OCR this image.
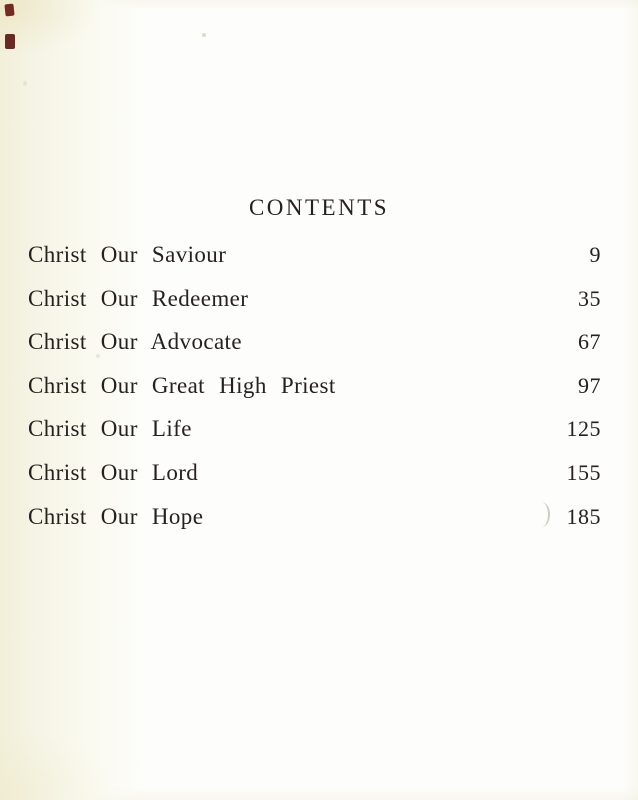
CONTENTS
Christ Our Saviour	9
Christ Our Redeemer	35
Christ Our Advocate	67
Christ Our Great High Priest	97
Christ Our Life	125
Christ Our Lord	155
Christ Our Hope	185
